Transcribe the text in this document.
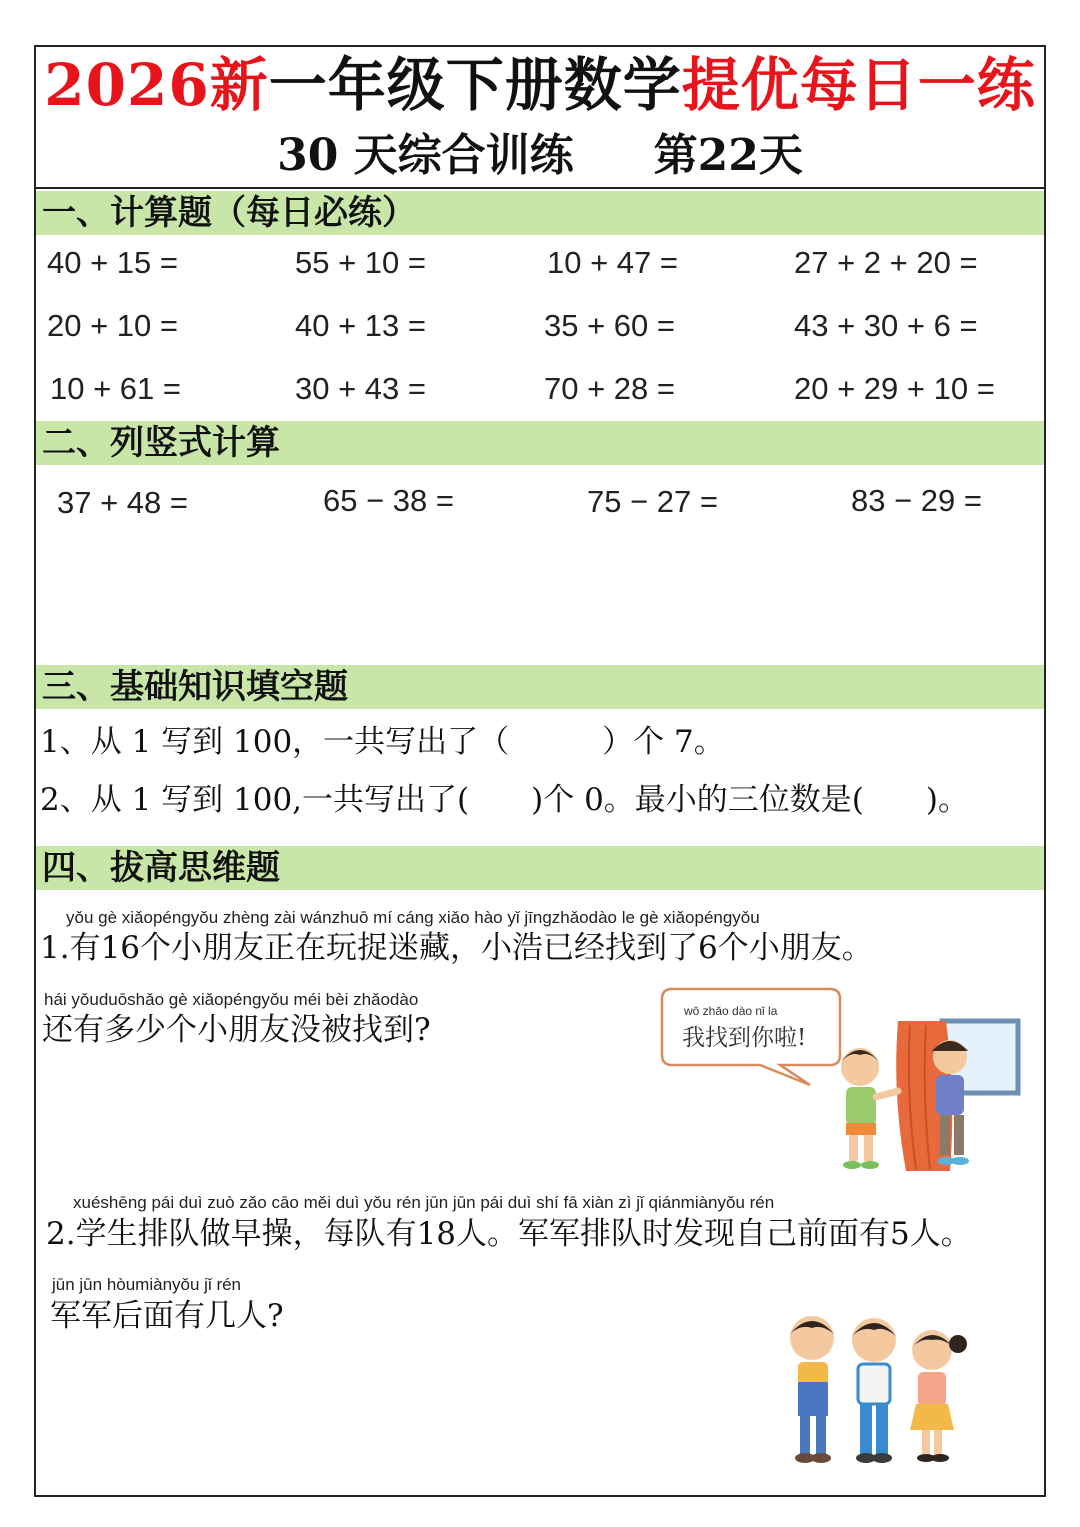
2026新一年级下册数学提优每日一练
30 天综合训练 第22天
一、计算题（每日必练）
40 + 15 =	55 + 10 =	10 + 47 =	27 + 2 + 20 =
20 + 10 =	40 + 13 =	35 + 60 =	43 + 30 + 6 =
10 + 61 =	30 + 43 =	70 + 28 =	20 + 29 + 10 =
二、列竖式计算
37 + 48 =	65 − 38 =	75 − 27 =	83 − 29 =
三、基础知识填空题
1、从 1 写到 100，一共写出了（　　　）个 7。
2、从 1 写到 100,一共写出了(　　)个 0。最小的三位数是(　　)。
四、拔高思维题
yǒu gè xiǎopéngyǒu zhèng zài wánzhuō mí cáng xiǎo hào yǐ jīngzhǎodào le gè xiǎopéngyǒu
1.有16个小朋友正在玩捉迷藏，小浩已经找到了6个小朋友。
hái yǒuduōshǎo gè xiǎopéngyǒu méi bèi zhǎodào
还有多少个小朋友没被找到?
wǒ zhǎo dào nǐ la
我找到你啦!
xuéshēng pái duì zuò zǎo cāo měi duì yǒu rén jūn jūn pái duì shí fā xiàn zì jǐ qiánmiànyǒu rén
2.学生排队做早操，每队有18人。军军排队时发现自己前面有5人。
jūn jūn hòumiànyǒu jǐ rén
军军后面有几人?
